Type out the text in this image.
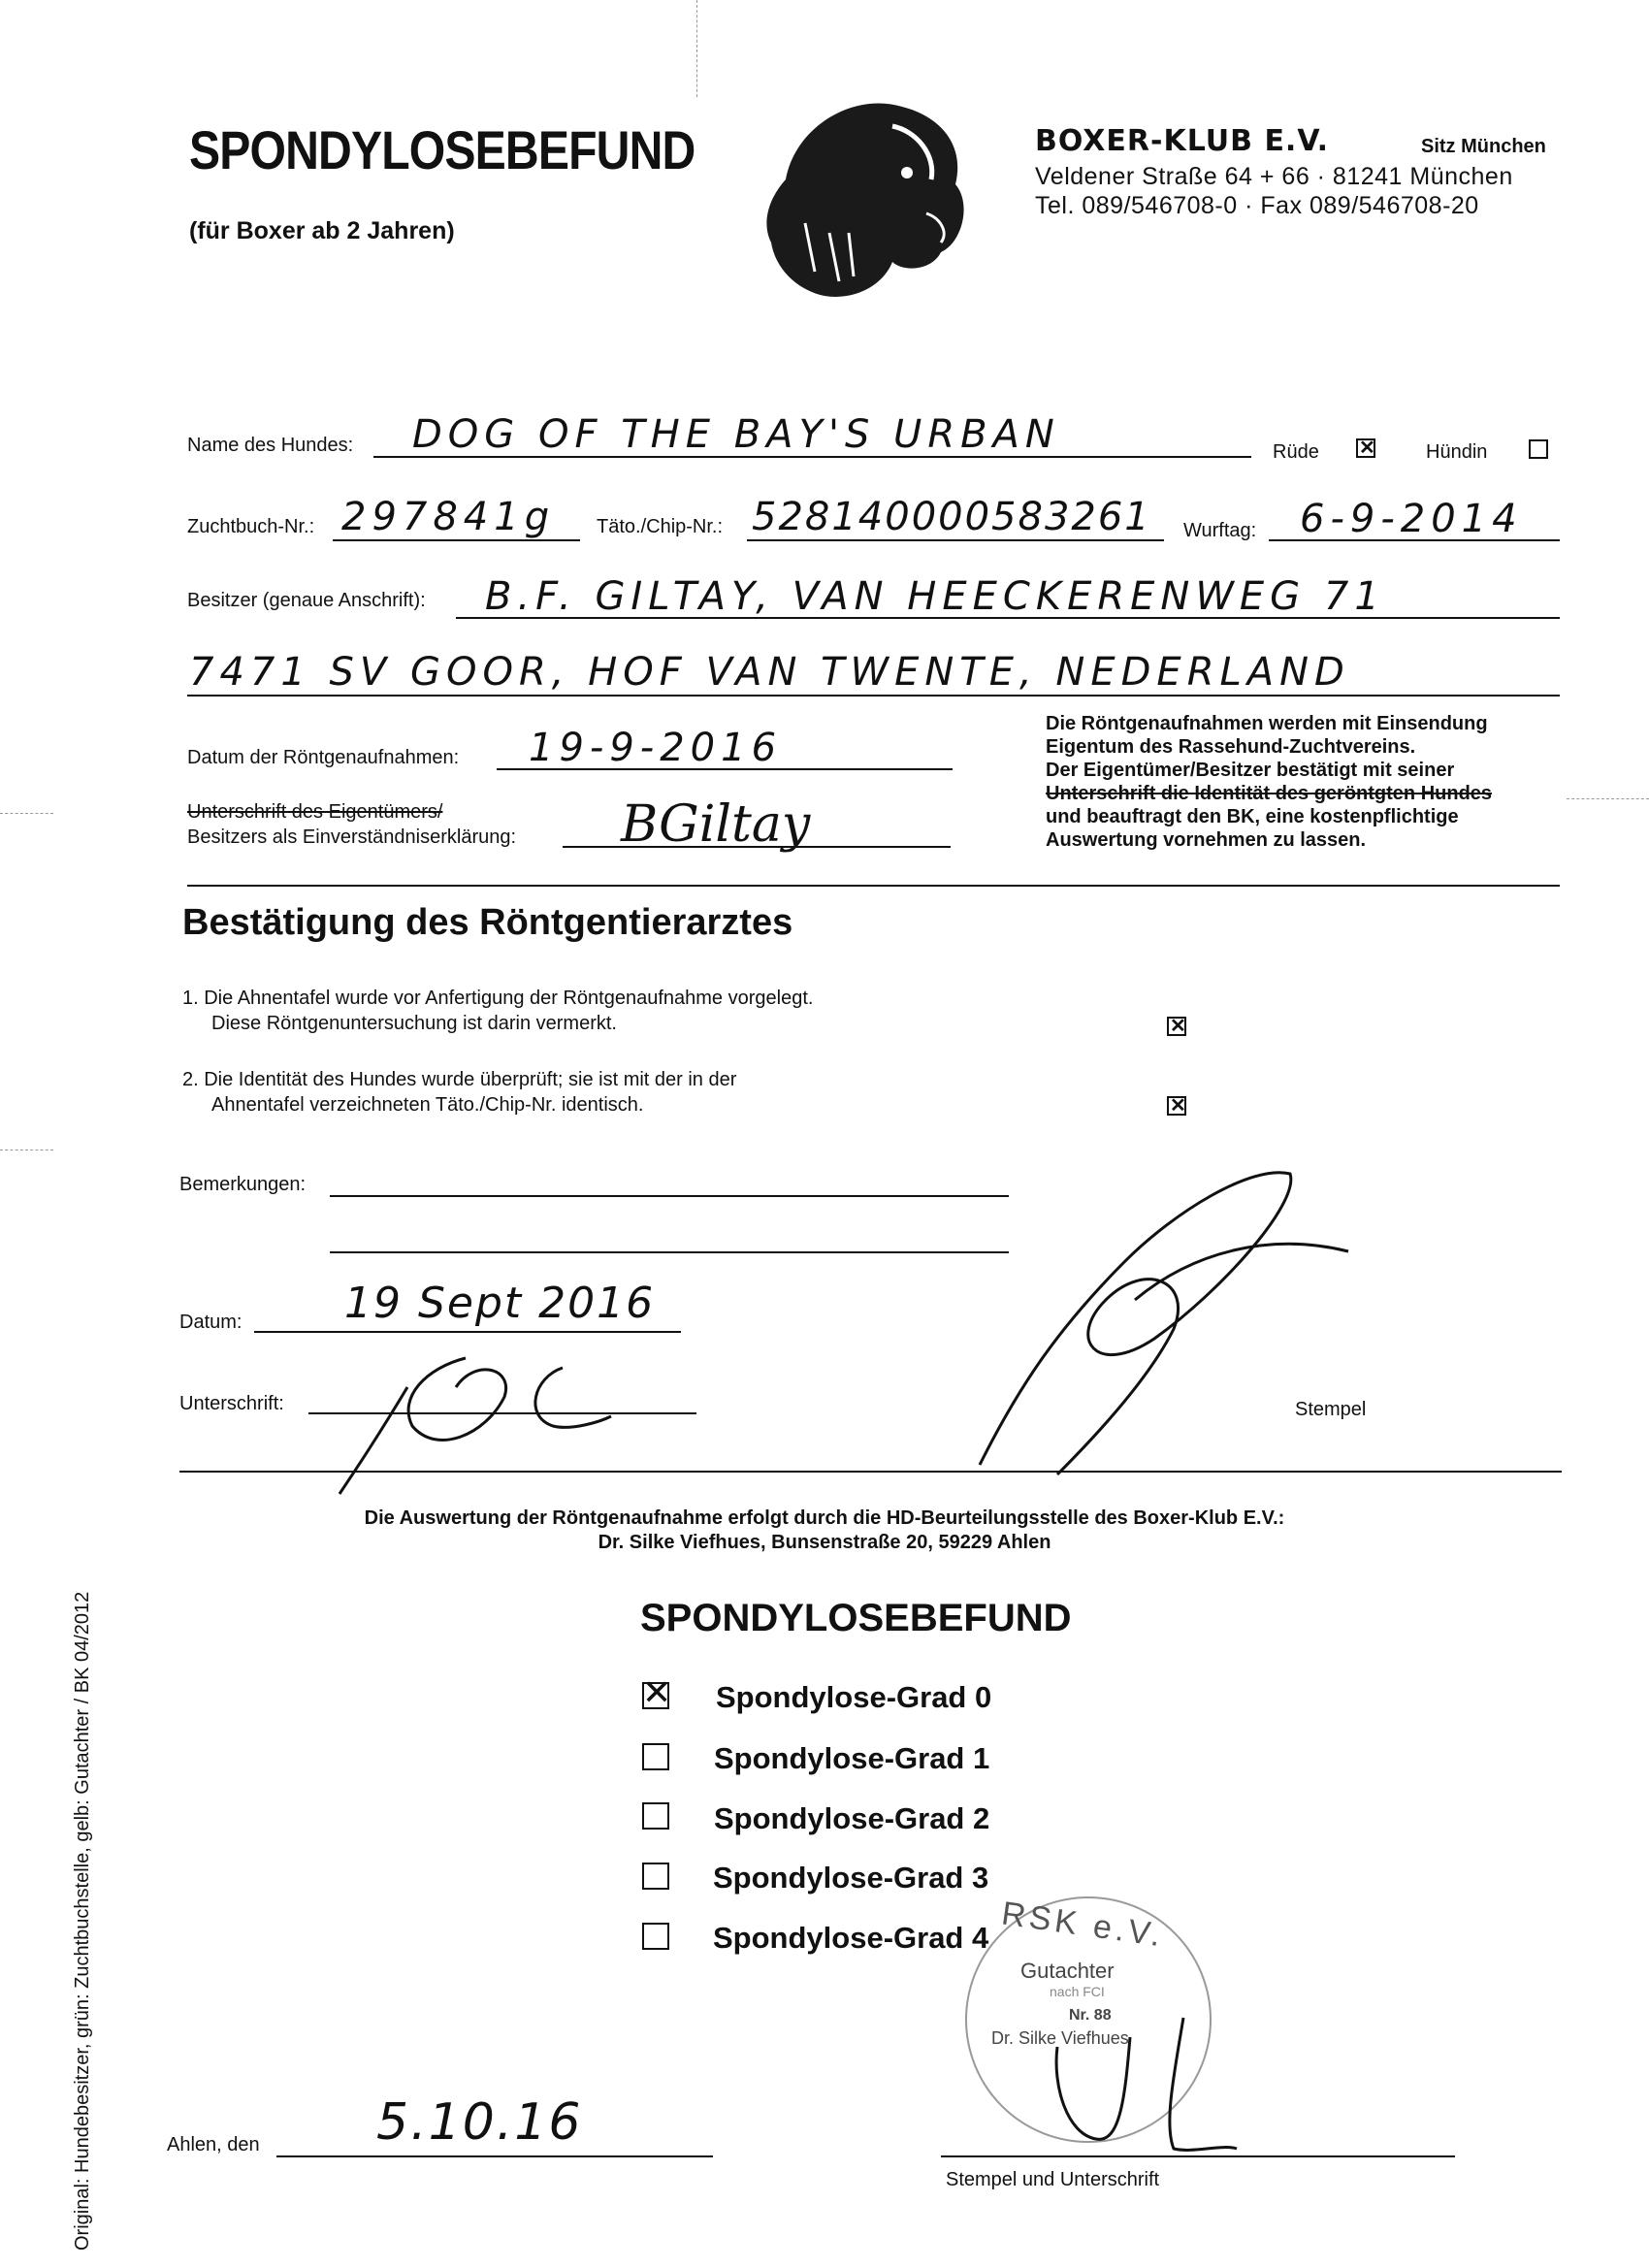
SPONDYLOSEBEFUND
(für Boxer ab 2 Jahren)
BOXER-KLUB E.V.	Sitz München
Veldener Straße 64 + 66 · 81241 München
Tel. 089/546708-0 · Fax 089/546708-20
Name des Hundes: DOG OF THE BAY'S URBAN	Rüde
✕	Hündin
Zuchtbuch-Nr.: 297841g Täto./Chip-Nr.: 528140000583261 Wurftag: 6-9-2014
Besitzer (genaue Anschrift): B.F. GILTAY, VAN HEECKERENWEG 71
7471 SV GOOR, HOF VAN TWENTE, NEDERLAND
Datum der Röntgenaufnahmen: 19-9-2016
Unterschrift des Eigentümers/
Besitzers als Einverständniserklärung: BGiltay
Die Röntgenaufnahmen werden mit Einsendung
Eigentum des Rassehund-Zuchtvereins.
Der Eigentümer/Besitzer bestätigt mit seiner
Unterschrift die Identität des geröntgten Hundes
und beauftragt den BK, eine kostenpflichtige
Auswertung vornehmen zu lassen.
Bestätigung des Röntgentierarztes
1. Die Ahnentafel wurde vor Anfertigung der Röntgenaufnahme vorgelegt.
Diese Röntgenuntersuchung ist darin vermerkt.
✕
2. Die Identität des Hundes wurde überprüft; sie ist mit der in der
Ahnentafel verzeichneten Täto./Chip-Nr. identisch.
✕
Bemerkungen:
Datum: 19 Sept 2016
Unterschrift:	Stempel
Die Auswertung der Röntgenaufnahme erfolgt durch die HD-Beurteilungsstelle des Boxer-Klub E.V.:
Dr. Silke Viefhues, Bunsenstraße 20, 59229 Ahlen
SPONDYLOSEBEFUND
✕
Spondylose-Grad 0
Spondylose-Grad 1
Spondylose-Grad 2
Spondylose-Grad 3
Spondylose-Grad 4 RSK e.V.
Gutachter
nach FCI
Nr. 88
Dr. Silke Viefhues
Ahlen, den 5.10.16
Stempel und Unterschrift
Original: Hundebesitzer, grün: Zuchtbuchstelle, gelb: Gutachter / BK 04/2012
